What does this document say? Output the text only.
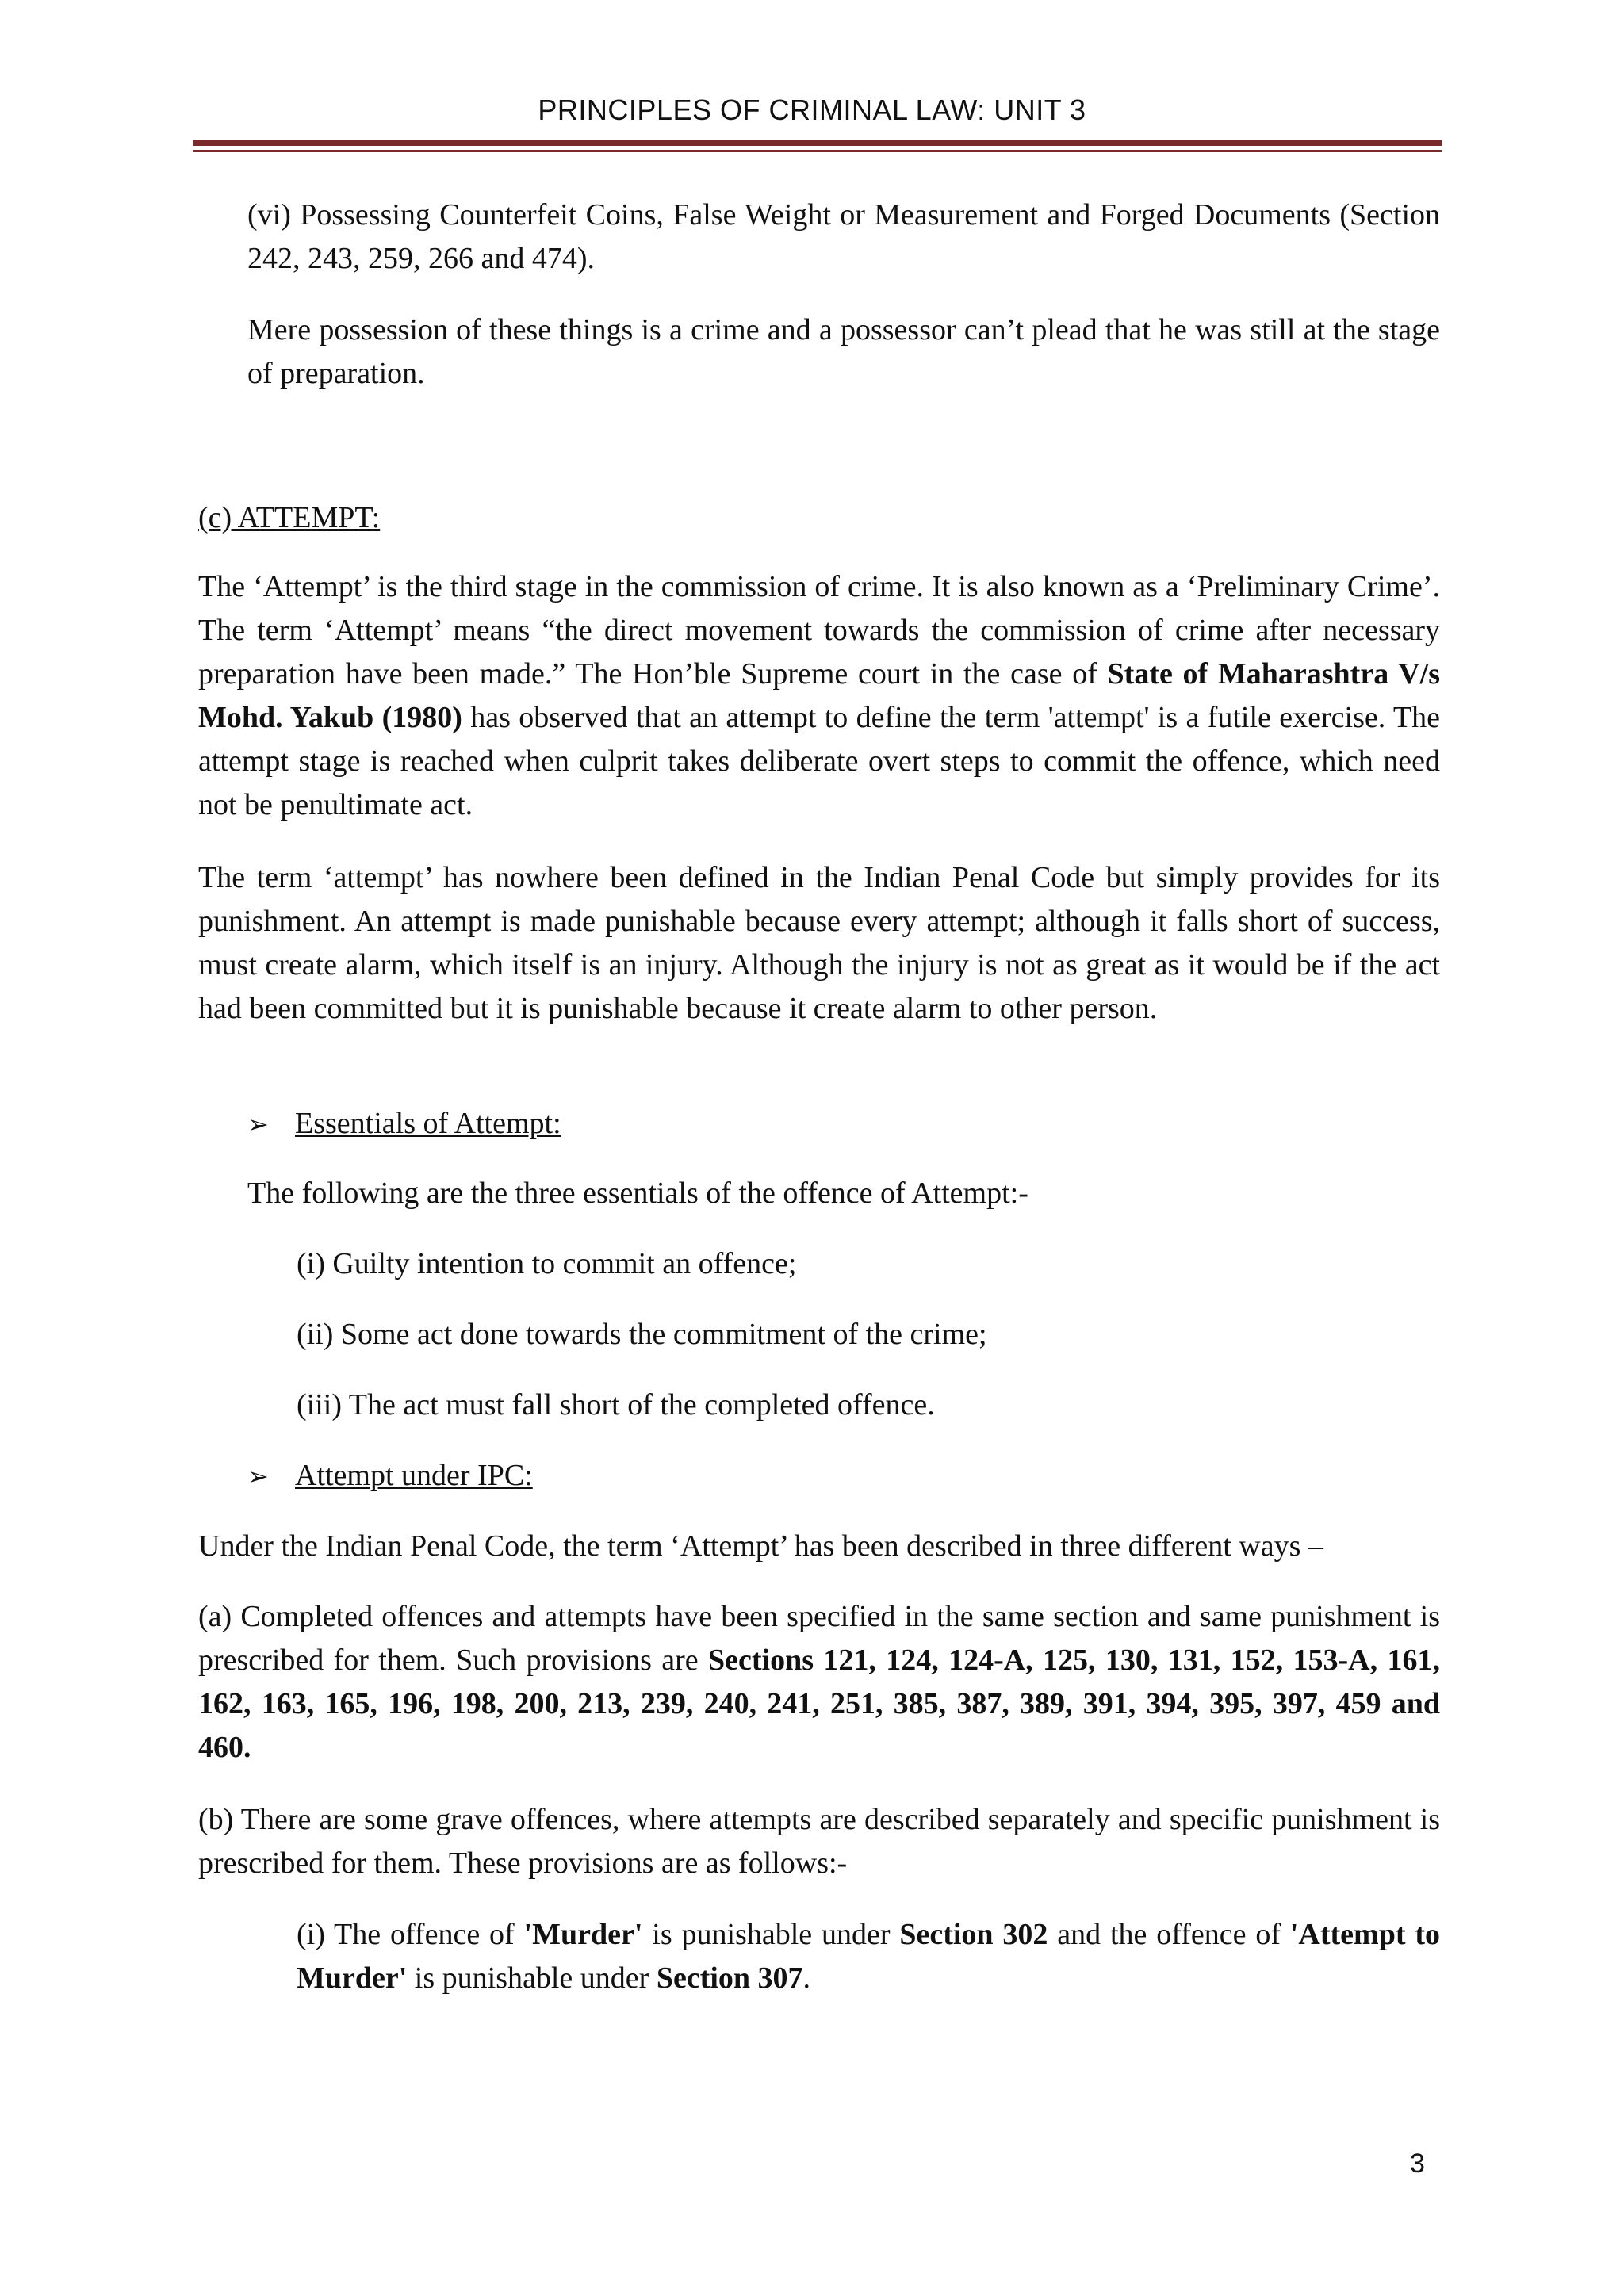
PRINCIPLES OF CRIMINAL LAW: UNIT 3
(vi) Possessing Counterfeit Coins, False Weight or Measurement and Forged Documents (Section 242, 243, 259, 266 and 474).
Mere possession of these things is a crime and a possessor can’t plead that he was still at the stage of preparation.
(c) ATTEMPT:
The ‘Attempt’ is the third stage in the commission of crime. It is also known as a ‘Preliminary Crime’. The term ‘Attempt’ means “the direct movement towards the commission of crime after necessary preparation have been made.” The Hon’ble Supreme court in the case of State of Maharashtra V/s Mohd. Yakub (1980) has observed that an attempt to define the term 'attempt' is a futile exercise. The attempt stage is reached when culprit takes deliberate overt steps to commit the offence, which need not be penultimate act.
The term ‘attempt’ has nowhere been defined in the Indian Penal Code but simply provides for its punishment. An attempt is made punishable because every attempt; although it falls short of success, must create alarm, which itself is an injury. Although the injury is not as great as it would be if the act had been committed but it is punishable because it create alarm to other person.
➢ Essentials of Attempt:
The following are the three essentials of the offence of Attempt:-
(i) Guilty intention to commit an offence;
(ii) Some act done towards the commitment of the crime;
(iii) The act must fall short of the completed offence.
➢ Attempt under IPC:
Under the Indian Penal Code, the term ‘Attempt’ has been described in three different ways –
(a) Completed offences and attempts have been specified in the same section and same punishment is prescribed for them. Such provisions are Sections 121, 124, 124-A, 125, 130, 131, 152, 153-A, 161, 162, 163, 165, 196, 198, 200, 213, 239, 240, 241, 251, 385, 387, 389, 391, 394, 395, 397, 459 and 460.
(b) There are some grave offences, where attempts are described separately and specific punishment is prescribed for them. These provisions are as follows:-
(i) The offence of 'Murder' is punishable under Section 302 and the offence of 'Attempt to Murder' is punishable under Section 307.
3
